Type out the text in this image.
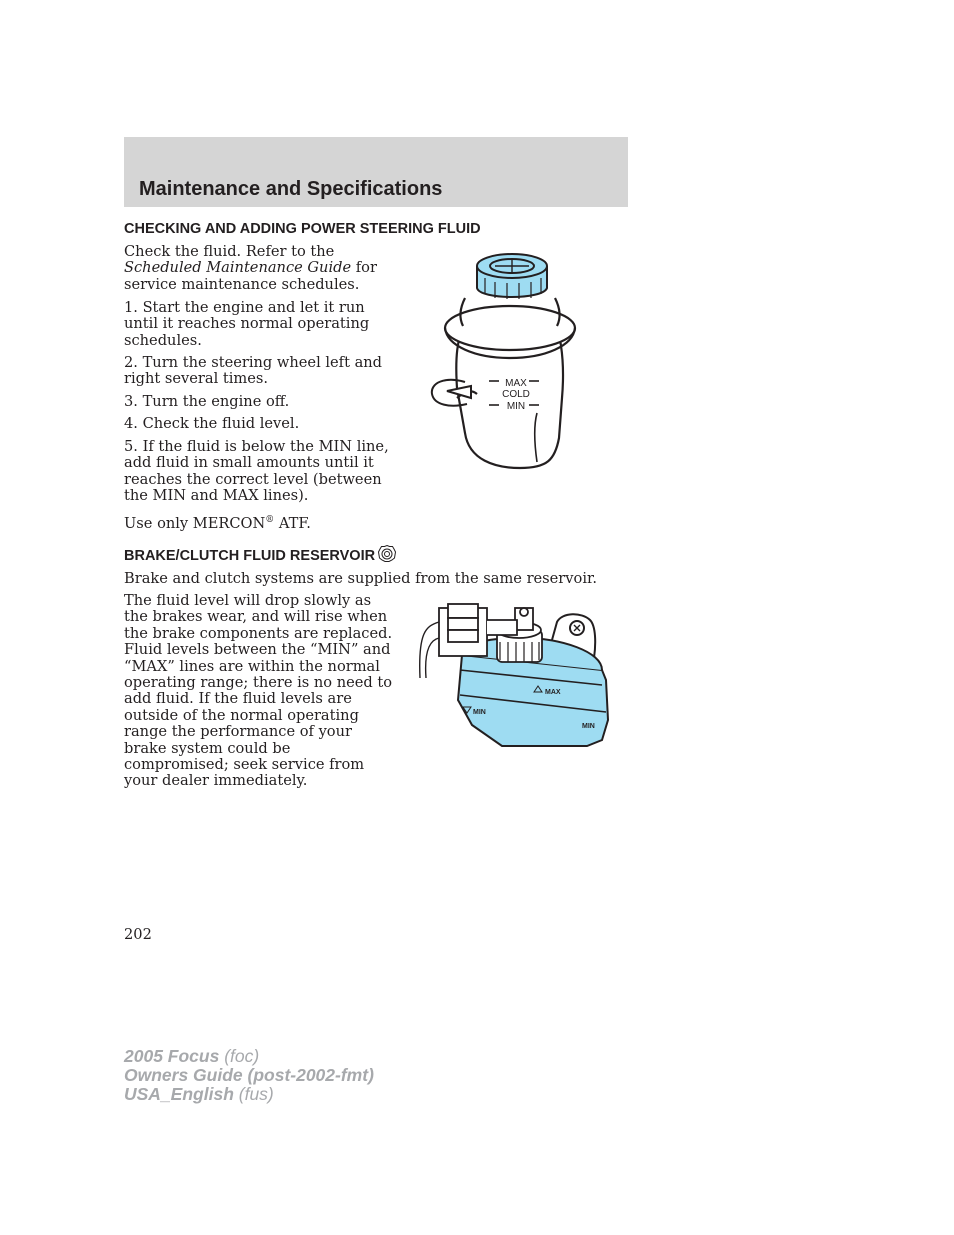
Maintenance and Specifications
CHECKING AND ADDING POWER STEERING FLUID

Check the fluid. Refer to the
Scheduled Maintenance Guide for
service maintenance schedules.

1. Start the engine and let it run
until it reaches normal operating
schedules.

2. Turn the steering wheel left and
right several times.

3. Turn the engine off.

4. Check the fluid level.

5. If the fluid is below the MIN line,
add fluid in small amounts until it
reaches the correct level (between
the MIN and MAX lines).

Use only MERCON® ATF.

MAX
COLD
MIN
BRAKE/CLUTCH FLUID RESERVOIR

Brake and clutch systems are supplied from the same reservoir.

The fluid level will drop slowly as
the brakes wear, and will rise when
the brake components are replaced.
Fluid levels between the “MIN” and
“MAX” lines are within the normal
operating range; there is no need to
add fluid. If the fluid levels are
outside of the normal operating
range the performance of your
brake system could be
compromised; seek service from
your dealer immediately.

MAX
MIN
MIN
202
2005 Focus (foc)
Owners Guide (post-2002-fmt)
USA_English (fus)
